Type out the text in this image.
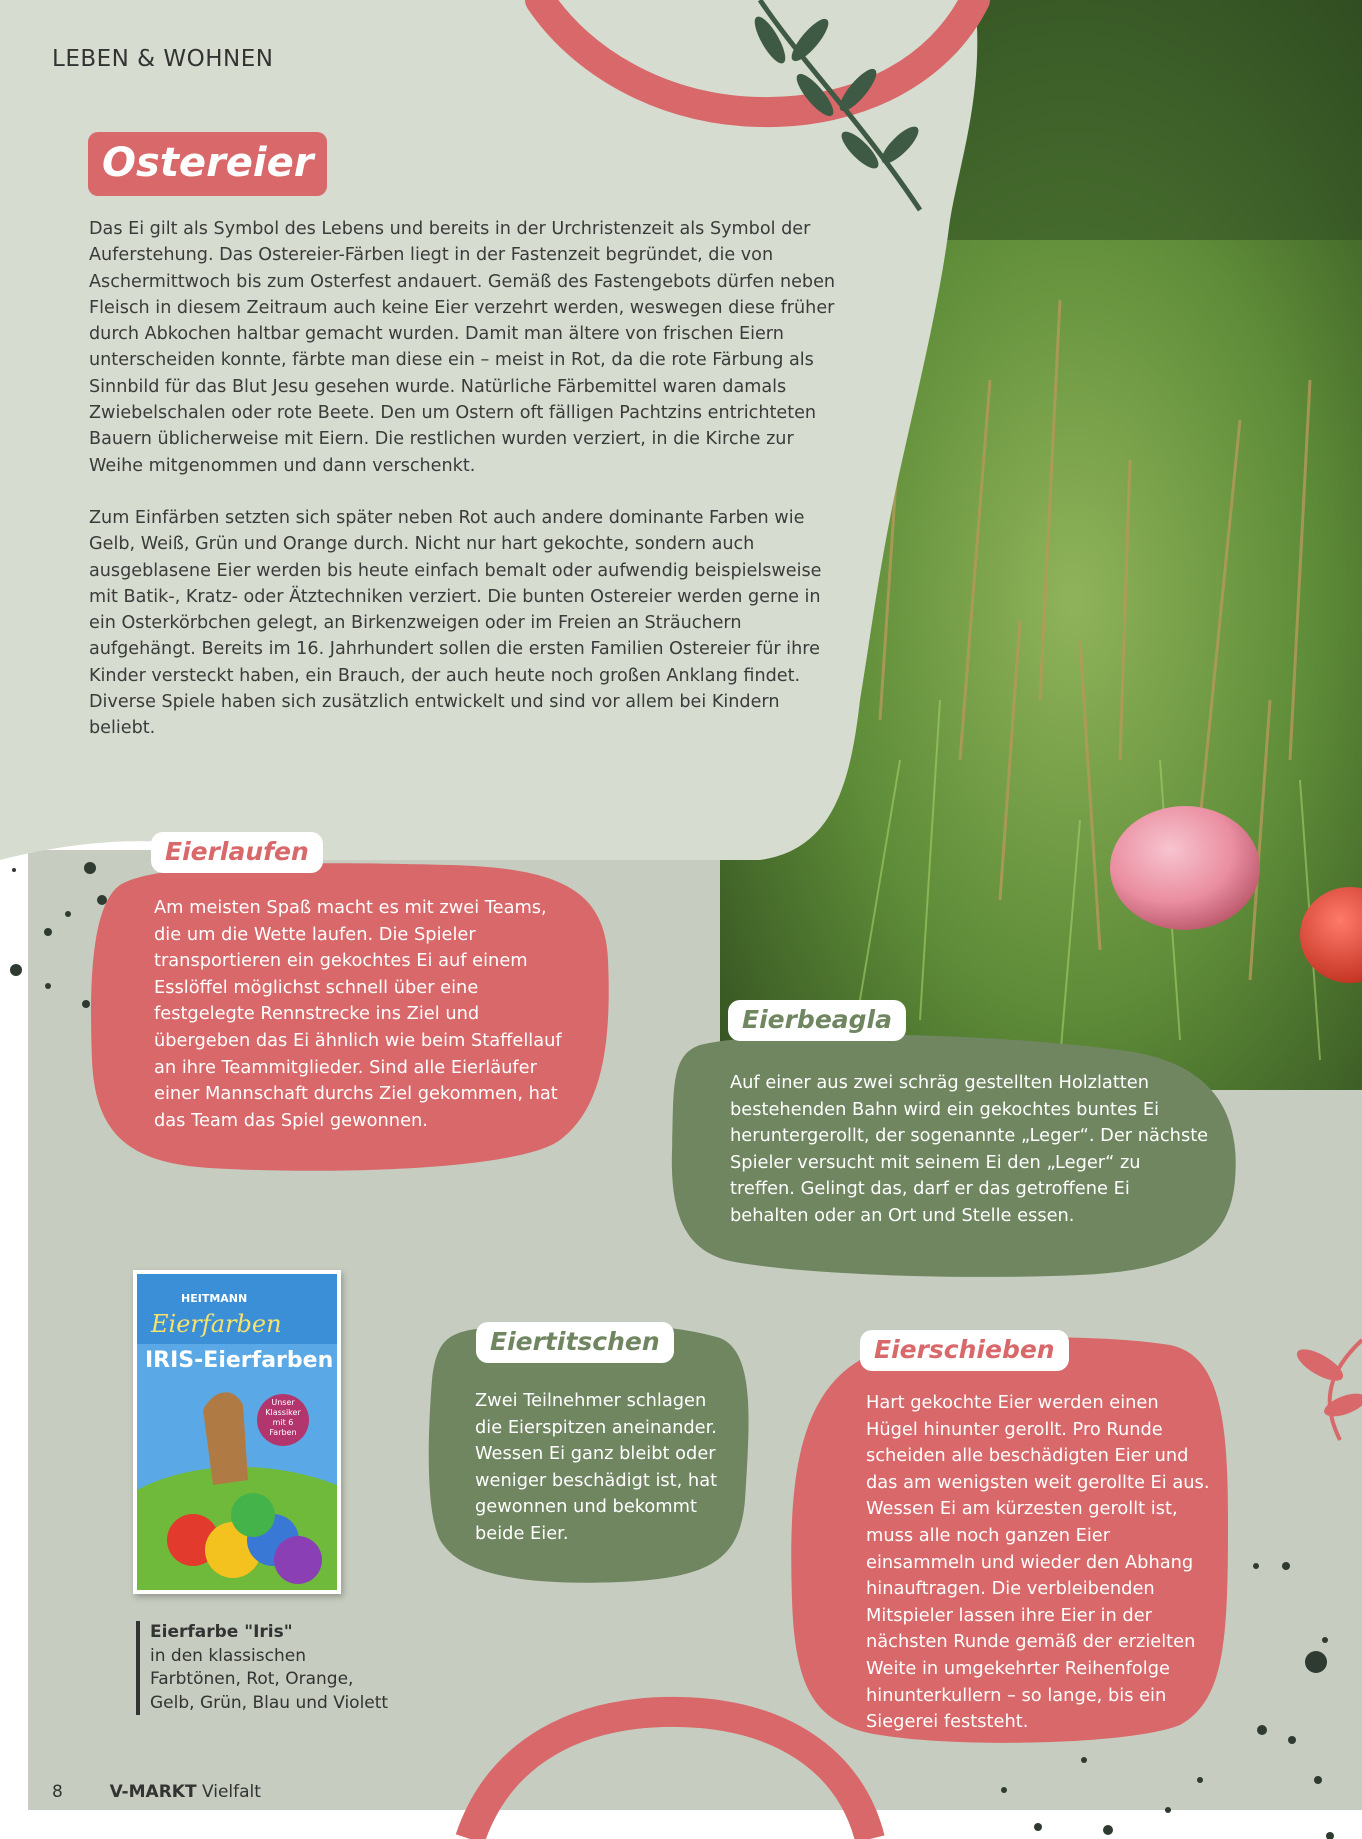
LEBEN & WOHNEN
Ostereier

Das Ei gilt als Symbol des Lebens und bereits in der Urchristenzeit als Symbol der Auferstehung. Das Ostereier-Färben liegt in der Fastenzeit begründet, die von Aschermittwoch bis zum Osterfest andauert. Gemäß des Fastengebots dürfen neben Fleisch in diesem Zeitraum auch keine Eier verzehrt werden, weswegen diese früher durch Abkochen haltbar gemacht wurden. Damit man ältere von frischen Eiern unterscheiden konnte, färbte man diese ein – meist in Rot, da die rote Färbung als Sinnbild für das Blut Jesu gesehen wurde. Natürliche Färbemittel waren damals Zwiebelschalen oder rote Beete. Den um Ostern oft fälligen Pachtzins entrichteten Bauern üblicherweise mit Eiern. Die restlichen wurden verziert, in die Kirche zur Weihe mitgenommen und dann verschenkt.

Zum Einfärben setzten sich später neben Rot auch andere dominante Farben wie Gelb, Weiß, Grün und Orange durch. Nicht nur hart gekochte, sondern auch ausgeblasene Eier werden bis heute einfach bemalt oder aufwendig beispielsweise mit Batik-, Kratz- oder Ätztechniken verziert. Die bunten Ostereier werden gerne in ein Osterkörbchen gelegt, an Birkenzweigen oder im Freien an Sträuchern aufgehängt. Bereits im 16. Jahrhundert sollen die ersten Familien Ostereier für ihre Kinder versteckt haben, ein Brauch, der auch heute noch großen Anklang findet. Diverse Spiele haben sich zusätzlich entwickelt und sind vor allem bei Kindern beliebt.

Eierlaufen
Am meisten Spaß macht es mit zwei Teams, die um die Wette laufen. Die Spieler transportieren ein gekochtes Ei auf einem Esslöffel möglichst schnell über eine festgelegte Rennstrecke ins Ziel und übergeben das Ei ähnlich wie beim Staffellauf an ihre Teammitglieder. Sind alle Eierläufer einer Mannschaft durchs Ziel gekommen, hat das Team das Spiel gewonnen.
Eierbeagla
Auf einer aus zwei schräg gestellten Holzlatten bestehenden Bahn wird ein gekochtes buntes Ei heruntergerollt, der sogenannte „Leger“. Der nächste Spieler versucht mit seinem Ei den „Leger“ zu treffen. Gelingt das, darf er das getroffene Ei behalten oder an Ort und Stelle essen.
Eiertitschen
Zwei Teilnehmer schlagen die Eierspitzen aneinander. Wessen Ei ganz bleibt oder weniger beschädigt ist, hat gewonnen und bekommt beide Eier.
Eierschieben
Hart gekochte Eier werden einen Hügel hinunter gerollt. Pro Runde scheiden alle beschädigten Eier und das am wenigsten weit gerollte Ei aus. Wessen Ei am kürzesten gerollt ist, muss alle noch ganzen Eier einsammeln und wieder den Abhang hinauftragen. Die verbleibenden Mitspieler lassen ihre Eier in der nächsten Runde gemäß der erzielten Weite in umgekehrter Reihenfolge hinunterkullern – so lange, bis ein Siegerei feststeht.
HEITMANN
Eierfarben
IRIS-Eierfarben
Unser Klassiker mit 6 Farben
Eierfarbe "Iris"
in den klassischen Farbtönen, Rot, Orange, Gelb, Grün, Blau und Violett
8	V-MARKT Vielfalt
